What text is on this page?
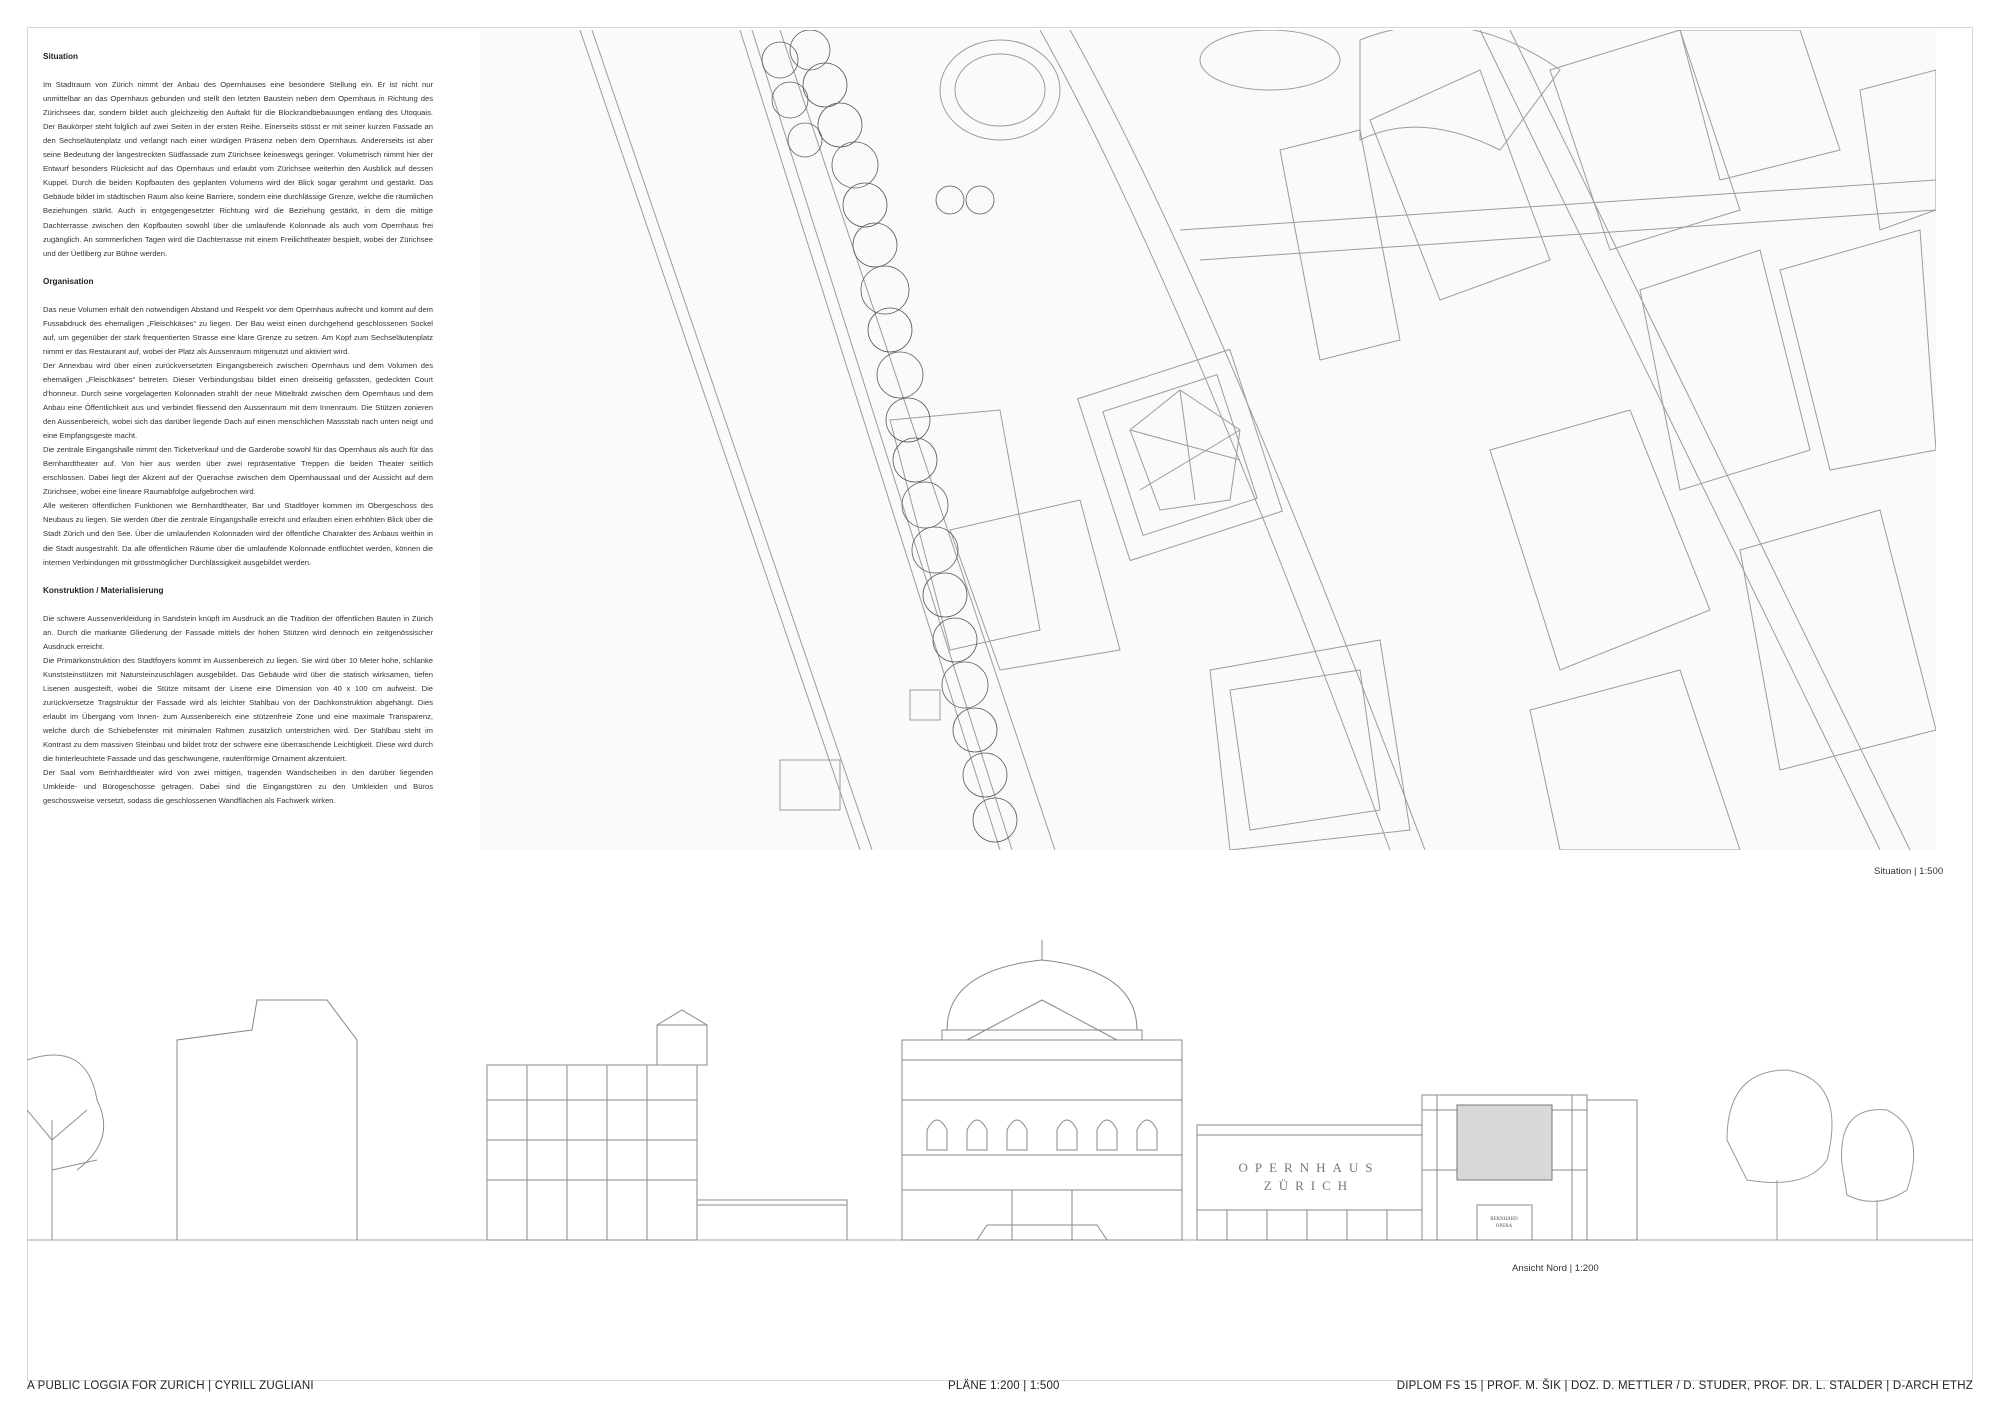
Situation

Im Stadtraum von Zürich nimmt der Anbau des Opernhauses eine besondere Stellung ein. Er ist nicht nur unmittelbar an das Opernhaus gebunden und stellt den letzten Baustein neben dem Opernhaus in Richtung des Zürichsees dar, sondern bildet auch gleichzeitig den Auftakt für die Blockrandbebauungen entlang des Utoquais. Der Baukörper steht folglich auf zwei Seiten in der ersten Reihe. Einerseits stösst er mit seiner kurzen Fassade an den Sechseläutenplatz und verlangt nach einer würdigen Präsenz neben dem Opernhaus. Andererseits ist aber seine Bedeutung der langestreckten Südfassade zum Zürichsee keineswegs geringer. Volumetrisch nimmt hier der Entwurf besonders Rücksicht auf das Opernhaus und erlaubt vom Zürichsee weiterhin den Ausblick auf dessen Kuppel. Durch die beiden Kopfbauten des geplanten Volumens wird der Blick sogar gerahmt und gestärkt. Das Gebäude bildet im städtischen Raum also keine Barriere, sondern eine durchlässige Grenze, welche die räumlichen Beziehungen stärkt. Auch in entgegengesetzter Richtung wird die Beziehung gestärkt, in dem die mittige Dachterrasse zwischen den Kopfbauten sowohl über die umlaufende Kolonnade als auch vom Opernhaus frei zugänglich. An sommerlichen Tagen wird die Dachterrasse mit einem Freilichttheater bespielt, wobei der Zürichsee und der Üetliberg zur Bühne werden.

Organisation

Das neue Volumen erhält den notwendigen Abstand und Respekt vor dem Opernhaus aufrecht und kommt auf dem Fussabdruck des ehemaligen „Fleischkäses“ zu liegen. Der Bau weist einen durchgehend geschlossenen Sockel auf, um gegenüber der stark frequentierten Strasse eine klare Grenze zu setzen. Am Kopf zum Sechseläutenplatz nimmt er das Restaurant auf, wobei der Platz als Aussenraum mitgenutzt und aktiviert wird.

Der Annexbau wird über einen zurückversetzten Eingangsbereich zwischen Opernhaus und dem Volumen des ehemaligen „Fleischkäses“ betreten. Dieser Verbindungsbau bildet einen dreiseitig gefassten, gedeckten Court d'honneur. Durch seine vorgelagerten Kolonnaden strahlt der neue Mitteltrakt zwischen dem Opernhaus und dem Anbau eine Öffentlichkeit aus und verbindet fliessend den Aussenraum mit dem Innenraum. Die Stützen zonieren den Aussenbereich, wobei sich das darüber liegende Dach auf einen menschlichen Massstab nach unten neigt und eine Empfangsgeste macht.

Die zentrale Eingangshalle nimmt den Ticketverkauf und die Garderobe sowohl für das Opernhaus als auch für das Bernhardtheater auf. Von hier aus werden über zwei repräsentative Treppen die beiden Theater seitlich erschlossen. Dabei liegt der Akzent auf der Querachse zwischen dem Opernhaussaal und der Aussicht auf dem Zürichsee, wobei eine lineare Raumabfolge aufgebrochen wird.

Alle weiteren öffentlichen Funktionen wie Bernhardtheater, Bar und Stadtfoyer kommen im Obergeschoss des Neubaus zu liegen. Sie werden über die zentrale Eingangshalle erreicht und erlauben einen erhöhten Blick über die Stadt Zürich und den See. Über die umlaufenden Kolonnaden wird der öffentliche Charakter des Anbaus weithin in die Stadt ausgestrahlt. Da alle öffentlichen Räume über die umlaufende Kolonnade entflüchtet werden, können die internen Verbindungen mit grösstmöglicher Durchlässigkeit ausgebildet werden.

Konstruktion / Materialisierung

Die schwere Aussenverkleidung in Sandstein knüpft im Ausdruck an die Tradition der öffentlichen Bauten in Zürich an. Durch die markante Gliederung der Fassade mittels der hohen Stützen wird dennoch ein zeitgenössischer Ausdruck erreicht.

Die Primärkonstruktion des Stadtfoyers kommt im Aussenbereich zu liegen. Sie wird über 10 Meter hohe, schlanke Kunststeinstützen mit Natursteinzuschlägen ausgebildet. Das Gebäude wird über die statisch wirksamen, tiefen Lisenen ausgesteift, wobei die Stütze mitsamt der Lisene eine Dimension von 40 x 100 cm aufweist. Die zurückversetze Tragstruktur der Fassade wird als leichter Stahlbau von der Dachkonstruktion abgehängt. Dies erlaubt im Übergang vom Innen- zum Aussenbereich eine stützenfreie Zone und eine maximale Transparenz, welche durch die Schiebefenster mit minimalen Rahmen zusätzlich unterstrichen wird. Der Stahlbau steht im Kontrast zu dem massiven Steinbau und bildet trotz der schwere eine überraschende Leichtigkeit. Diese wird durch die hinterleuchtete Fassade und das geschwungene, rautenförmige Ornament akzentuiert.

Der Saal vom Bernhardtheater wird von zwei mittigen, tragenden Wandscheiben in den darüber liegenden Umkleide- und Bürogeschosse getragen. Dabei sind die Eingangstüren zu den Umkleiden und Büros geschossweise versetzt, sodass die geschlossenen Wandflächen als Fachwerk wirken.

Situation | 1:500
OPERNHAUS
ZÜRICH
BERNHARD
OPERA
Ansicht Nord | 1:200
A PUBLIC LOGGIA FOR ZURICH | CYRILL ZUGLIANI	PLÄNE 1:200 | 1:500	DIPLOM FS 15 | PROF. M. ŠIK | DOZ. D. METTLER / D. STUDER, PROF. DR. L. STALDER | D-ARCH ETHZ
